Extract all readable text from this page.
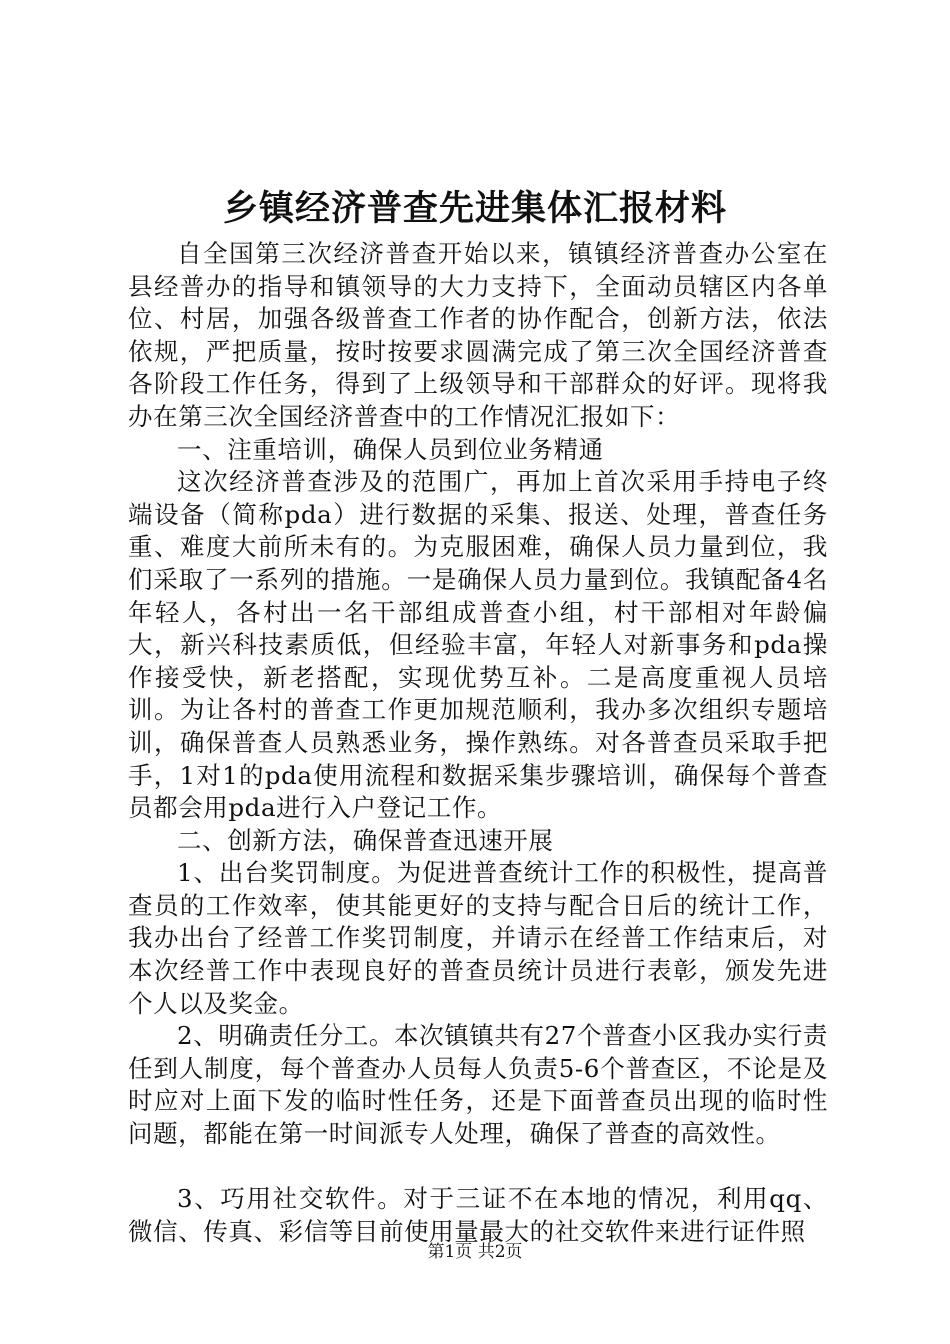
乡镇经济普查先进集体汇报材料

自全国第三次经济普查开始以来，镇镇经济普查办公室在县经普办的指导和镇领导的大力支持下，全面动员辖区内各单位、村居，加强各级普查工作者的协作配合，创新方法，依法依规，严把质量，按时按要求圆满完成了第三次全国经济普查各阶段工作任务，得到了上级领导和干部群众的好评。现将我办在第三次全国经济普查中的工作情况汇报如下：

一、注重培训，确保人员到位业务精通

这次经济普查涉及的范围广，再加上首次采用手持电子终端设备（简称pda）进行数据的采集、报送、处理，普查任务重、难度大前所未有的。为克服困难，确保人员力量到位，我们采取了一系列的措施。一是确保人员力量到位。我镇配备4名年轻人，各村出一名干部组成普查小组，村干部相对年龄偏大，新兴科技素质低，但经验丰富，年轻人对新事务和pda操作接受快，新老搭配，实现优势互补。二是高度重视人员培训。为让各村的普查工作更加规范顺利，我办多次组织专题培训，确保普查人员熟悉业务，操作熟练。对各普查员采取手把手，1对1的pda使用流程和数据采集步骤培训，确保每个普查员都会用pda进行入户登记工作。

二、创新方法，确保普查迅速开展

1、出台奖罚制度。为促进普查统计工作的积极性，提高普查员的工作效率，使其能更好的支持与配合日后的统计工作，我办出台了经普工作奖罚制度，并请示在经普工作结束后，对本次经普工作中表现良好的普查员统计员进行表彰，颁发先进个人以及奖金。

2、明确责任分工。本次镇镇共有27个普查小区我办实行责任到人制度，每个普查办人员每人负责5-6个普查区，不论是及时应对上面下发的临时性任务，还是下面普查员出现的临时性问题，都能在第一时间派专人处理，确保了普查的高效性。

3、巧用社交软件。对于三证不在本地的情况，利用qq、微信、传真、彩信等目前使用量最大的社交软件来进行证件照

第1页 共2页
